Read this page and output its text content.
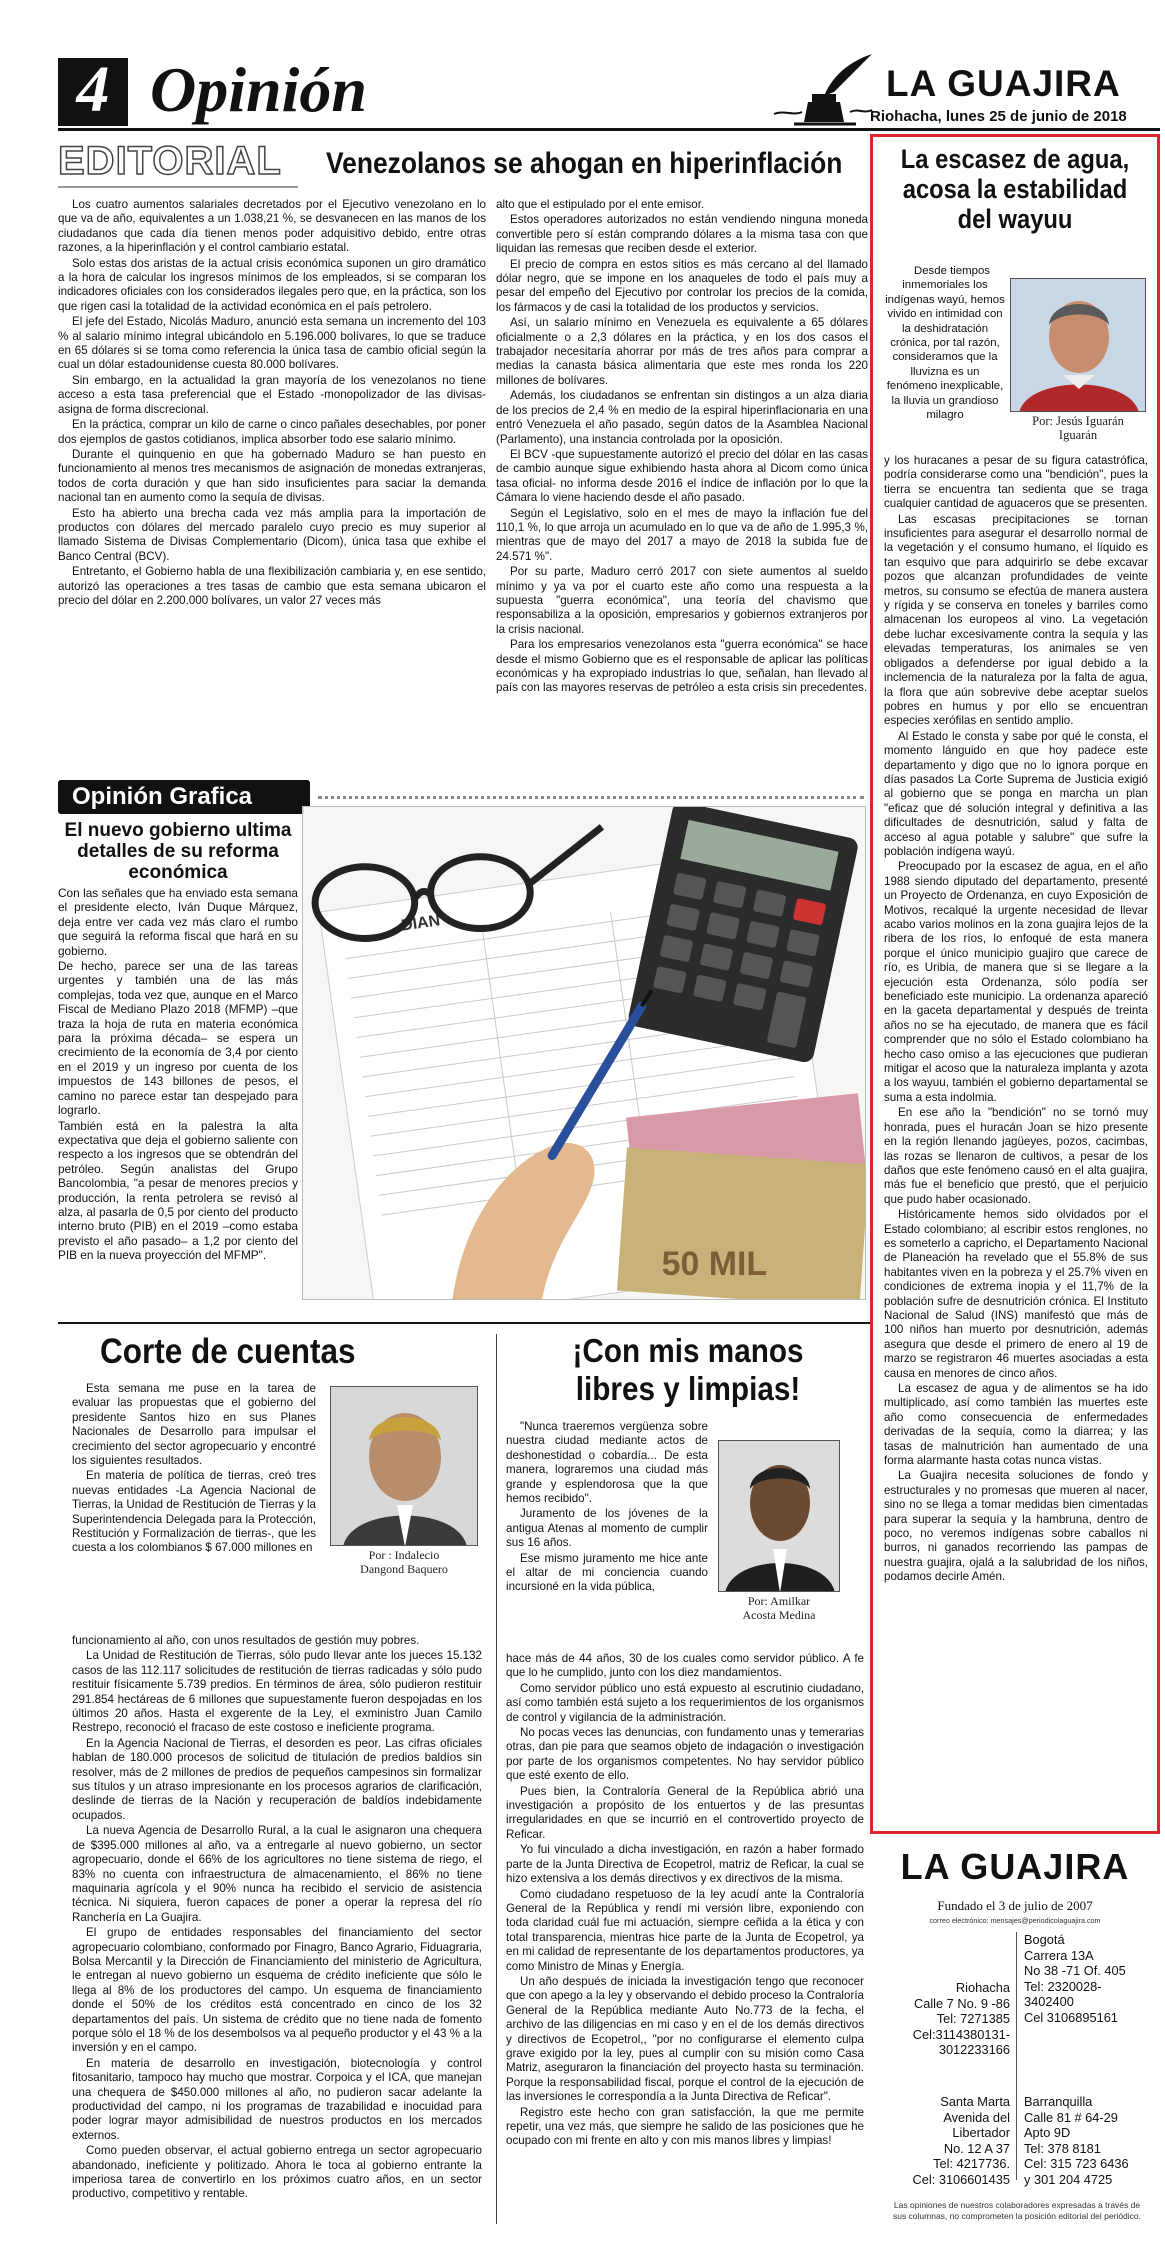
4 Opinión	LA GUAJIRA
Riohacha, lunes 25 de junio de 2018
EDITORIAL Venezolanos se ahogan en hiperinflación

Los cuatro aumentos salariales decretados por el Ejecutivo venezolano en lo que va de año, equivalentes a un 1.038,21 %, se desvanecen en las manos de los ciudadanos que cada día tienen menos poder adquisitivo debido, entre otras razones, a la hiperinflación y el control cambiario estatal.

Solo estas dos aristas de la actual crisis económica suponen un giro dramático a la hora de calcular los ingresos mínimos de los empleados, si se comparan los indicadores oficiales con los considerados ilegales pero que, en la práctica, son los que rigen casi la totalidad de la actividad económica en el país petrolero.

El jefe del Estado, Nicolás Maduro, anunció esta semana un incremento del 103 % al salario mínimo integral ubicándolo en 5.196.000 bolívares, lo que se traduce en 65 dólares si se toma como referencia la única tasa de cambio oficial según la cual un dólar estadounidense cuesta 80.000 bolívares.

Sin embargo, en la actualidad la gran mayoría de los venezolanos no tiene acceso a esta tasa preferencial que el Estado -monopolizador de las divisas- asigna de forma discrecional.

En la práctica, comprar un kilo de carne o cinco pañales desechables, por poner dos ejemplos de gastos cotidianos, implica absorber todo ese salario mínimo.

Durante el quinquenio en que ha gobernado Maduro se han puesto en funcionamiento al menos tres mecanismos de asignación de monedas extranjeras, todos de corta duración y que han sido insuficientes para saciar la demanda nacional tan en aumento como la sequía de divisas.

Esto ha abierto una brecha cada vez más amplia para la importación de productos con dólares del mercado paralelo cuyo precio es muy superior al llamado Sistema de Divisas Complementario (Dicom), única tasa que exhibe el Banco Central (BCV).

Entretanto, el Gobierno habla de una flexibilización cambiaria y, en ese sentido, autorizó las operaciones a tres tasas de cambio que esta semana ubicaron el precio del dólar en 2.200.000 bolívares, un valor 27 veces más

alto que el estipulado por el ente emisor.

Estos operadores autorizados no están vendiendo ninguna moneda convertible pero sí están comprando dólares a la misma tasa con que liquidan las remesas que reciben desde el exterior.

El precio de compra en estos sitios es más cercano al del llamado dólar negro, que se impone en los anaqueles de todo el país muy a pesar del empeño del Ejecutivo por controlar los precios de la comida, los fármacos y de casi la totalidad de los productos y servicios.

Así, un salario mínimo en Venezuela es equivalente a 65 dólares oficialmente o a 2,3 dólares en la práctica, y en los dos casos el trabajador necesitaría ahorrar por más de tres años para comprar a medias la canasta básica alimentaria que este mes ronda los 220 millones de bolívares.

Además, los ciudadanos se enfrentan sin distingos a un alza diaria de los precios de 2,4 % en medio de la espiral hiperinflacionaria en una entró Venezuela el año pasado, según datos de la Asamblea Nacional (Parlamento), una instancia controlada por la oposición.

El BCV -que supuestamente autorizó el precio del dólar en las casas de cambio aunque sigue exhibiendo hasta ahora al Dicom como única tasa oficial- no informa desde 2016 el índice de inflación por lo que la Cámara lo viene haciendo desde el año pasado.

Según el Legislativo, solo en el mes de mayo la inflación fue del 110,1 %, lo que arroja un acumulado en lo que va de año de 1.995,3 %, mientras que de mayo del 2017 a mayo de 2018 la subida fue de 24.571 %".

Por su parte, Maduro cerró 2017 con siete aumentos al sueldo mínimo y ya va por el cuarto este año como una respuesta a la supuesta "guerra económica", una teoría del chavismo que responsabiliza a la oposición, empresarios y gobiernos extranjeros por la crisis nacional.

Para los empresarios venezolanos esta "guerra económica" se hace desde el mismo Gobierno que es el responsable de aplicar las políticas económicas y ha expropiado industrias lo que, señalan, han llevado al país con las mayores reservas de petróleo a esta crisis sin precedentes.

Opinión Grafica
El nuevo gobierno ultima detalles de su reforma económica

Con las señales que ha enviado esta semana el presidente electo, Iván Duque Márquez, deja entre ver cada vez más claro el rumbo que seguirá la reforma fiscal que hará en su gobierno.

De hecho, parece ser una de las tareas urgentes y también una de las más complejas, toda vez que, aunque en el Marco Fiscal de Mediano Plazo 2018 (MFMP) –que traza la hoja de ruta en materia económica para la próxima década– se espera un crecimiento de la economía de 3,4 por ciento en el 2019 y un ingreso por cuenta de los impuestos de 143 billones de pesos, el camino no parece estar tan despejado para lograrlo.

También está en la palestra la alta expectativa que deja el gobierno saliente con respecto a los ingresos que se obtendrán del petróleo. Según analistas del Grupo Bancolombia, "a pesar de menores precios y producción, la renta petrolera se revisó al alza, al pasarla de 0,5 por ciento del producto interno bruto (PIB) en el 2019 –como estaba previsto el año pasado– a 1,2 por ciento del PIB en la nueva proyección del MFMP".

DIAN
50 MIL
Corte de cuentas

Esta semana me puse en la tarea de evaluar las propuestas que el gobierno del presidente Santos hizo en sus Planes Nacionales de Desarrollo para impulsar el crecimiento del sector agropecuario y encontré los siguientes resultados.

En materia de política de tierras, creó tres nuevas entidades -La Agencia Nacional de Tierras, la Unidad de Restitución de Tierras y la Superintendencia Delegada para la Protección, Restitución y Formalización de tierras-, que les cuesta a los colombianos $ 67.000 millones en

Por : Indalecio
Dangond Baquero

funcionamiento al año, con unos resultados de gestión muy pobres.

La Unidad de Restitución de Tierras, sólo pudo llevar ante los jueces 15.132 casos de las 112.117 solicitudes de restitución de tierras radicadas y sólo pudo restituir físicamente 5.739 predios. En términos de área, sólo pudieron restituir 291.854 hectáreas de 6 millones que supuestamente fueron despojadas en los últimos 20 años. Hasta el exgerente de la Ley, el exministro Juan Camilo Restrepo, reconoció el fracaso de este costoso e ineficiente programa.

En la Agencia Nacional de Tierras, el desorden es peor. Las cifras oficiales hablan de 180.000 procesos de solicitud de titulación de predios baldíos sin resolver, más de 2 millones de predios de pequeños campesinos sin formalizar sus títulos y un atraso impresionante en los procesos agrarios de clarificación, deslinde de tierras de la Nación y recuperación de baldíos indebidamente ocupados.

La nueva Agencia de Desarrollo Rural, a la cual le asignaron una chequera de $395.000 millones al año, va a entregarle al nuevo gobierno, un sector agropecuario, donde el 66% de los agricultores no tiene sistema de riego, el 83% no cuenta con infraestructura de almacenamiento, el 86% no tiene maquinaria agrícola y el 90% nunca ha recibido el servicio de asistencia técnica. Ni siquiera, fueron capaces de poner a operar la represa del río Ranchería en La Guajira.

El grupo de entidades responsables del financiamiento del sector agropecuario colombiano, conformado por Finagro, Banco Agrario, Fiduagraria, Bolsa Mercantil y la Dirección de Financiamiento del ministerio de Agricultura, le entregan al nuevo gobierno un esquema de crédito ineficiente que sólo le llega al 8% de los productores del campo. Un esquema de financiamiento donde el 50% de los créditos está concentrado en cinco de los 32 departamentos del país. Un sistema de crédito que no tiene nada de fomento porque sólo el 18 % de los desembolsos va al pequeño productor y el 43 % a la inversión y en el campo.

En materia de desarrollo en investigación, biotecnología y control fitosanitario, tampoco hay mucho que mostrar. Corpoica y el ICA, que manejan una chequera de $450.000 millones al año, no pudieron sacar adelante la productividad del campo, ni los programas de trazabilidad e inocuidad para poder lograr mayor admisibilidad de nuestros productos en los mercados externos.

Como pueden observar, el actual gobierno entrega un sector agropecuario abandonado, ineficiente y politizado. Ahora le toca al gobierno entrante la imperiosa tarea de convertirlo en los próximos cuatro años, en un sector productivo, competitivo y rentable.

¡Con mis manos
libres y limpias!

"Nunca traeremos vergüenza sobre nuestra ciudad mediante actos de deshonestidad o cobardía... De esta manera, lograremos una ciudad más grande y esplendorosa que la que hemos recibido".

Juramento de los jóvenes de la antigua Atenas al momento de cumplir sus 16 años.

Ese mismo juramento me hice ante el altar de mi conciencia cuando incursioné en la vida pública,

Por: Amilkar
Acosta Medina

hace más de 44 años, 30 de los cuales como servidor público. A fe que lo he cumplido, junto con los diez mandamientos.

Como servidor público uno está expuesto al escrutinio ciudadano, así como también está sujeto a los requerimientos de los organismos de control y vigilancia de la administración.

No pocas veces las denuncias, con fundamento unas y temerarias otras, dan pie para que seamos objeto de indagación o investigación por parte de los organismos competentes. No hay servidor público que esté exento de ello.

Pues bien, la Contraloría General de la República abrió una investigación a propósito de los entuertos y de las presuntas irregularidades en que se incurrió en el controvertido proyecto de Reficar.

Yo fui vinculado a dicha investigación, en razón a haber formado parte de la Junta Directiva de Ecopetrol, matriz de Reficar, la cual se hizo extensiva a los demás directivos y ex directivos de la misma.

Como ciudadano respetuoso de la ley acudí ante la Contraloría General de la República y rendí mi versión libre, exponiendo con toda claridad cuál fue mi actuación, siempre ceñida a la ética y con total transparencia, mientras hice parte de la Junta de Ecopetrol, ya en mi calidad de representante de los departamentos productores, ya como Ministro de Minas y Energía.

Un año después de iniciada la investigación tengo que reconocer que con apego a la ley y observando el debido proceso la Contraloría General de la República mediante Auto No.773 de la fecha, el archivo de las diligencias en mi caso y en el de los demás directivos y directivos de Ecopetrol,, "por no configurarse el elemento culpa grave exigido por la ley, pues al cumplir con su misión como Casa Matriz, aseguraron la financiación del proyecto hasta su terminación. Porque la responsabilidad fiscal, porque el control de la ejecución de las inversiones le correspondía a la Junta Directiva de Reficar".

Registro este hecho con gran satisfacción, la que me permite repetir, una vez más, que siempre he salido de las posiciones que he ocupado con mi frente en alto y con mis manos libres y limpias!

La escasez de agua,
acosa la estabilidad
del wayuu

Desde tiempos inmemoriales los indígenas wayú, hemos vivido en intimidad con la deshidratación crónica, por tal razón, consideramos que la lluvizna es un fenómeno inexplicable, la lluvia un grandioso milagro	Por: Jesús Iguarán
Iguarán

y los huracanes a pesar de su figura catastrófica, podría considerarse como una "bendición", pues la tierra se encuentra tan sedienta que se traga cualquier cantidad de aguaceros que se presenten.

Las escasas precipitaciones se tornan insuficientes para asegurar el desarrollo normal de la vegetación y el consumo humano, el líquido es tan esquivo que para adquirirlo se debe excavar pozos que alcanzan profundidades de veinte metros, su consumo se efectúa de manera austera y rígida y se conserva en toneles y barriles como almacenan los europeos al vino. La vegetación debe luchar excesivamente contra la sequía y las elevadas temperaturas, los animales se ven obligados a defenderse por igual debido a la inclemencia de la naturaleza por la falta de agua, la flora que aún sobrevive debe aceptar suelos pobres en humus y por ello se encuentran especies xerófilas en sentido amplio.

Al Estado le consta y sabe por qué le consta, el momento lánguido en que hoy padece este departamento y digo que no lo ignora porque en días pasados La Corte Suprema de Justicia exigió al gobierno que se ponga en marcha un plan "eficaz que dé solución integral y definitiva a las dificultades de desnutrición, salud y falta de acceso al agua potable y salubre" que sufre la población indígena wayú.

Preocupado por la escasez de agua, en el año 1988 siendo diputado del departamento, presenté un Proyecto de Ordenanza, en cuyo Exposición de Motivos, recalqué la urgente necesidad de llevar acabo varios molinos en la zona guajira lejos de la ribera de los ríos, lo enfoqué de esta manera porque el único municipio guajiro que carece de río, es Uribia, de manera que si se llegare a la ejecución esta Ordenanza, sólo podía ser beneficiado este municipio. La ordenanza apareció en la gaceta departamental y después de treinta años no se ha ejecutado, de manera que es fácil comprender que no sólo el Estado colombiano ha hecho caso omiso a las ejecuciones que pudieran mitigar el acoso que la naturaleza implanta y azota a los wayuu, también el gobierno departamental se suma a esta indolmia.

En ese año la "bendición" no se tornó muy honrada, pues el huracán Joan se hizo presente en la región llenando jagüeyes, pozos, cacimbas, las rozas se llenaron de cultivos, a pesar de los daños que este fenómeno causó en el alta guajira, más fue el beneficio que prestó, que el perjuicio que pudo haber ocasionado.

Históricamente hemos sido olvidados por el Estado colombiano; al escribir estos renglones, no es someterlo a capricho, el Departamento Nacional de Planeación ha revelado que el 55.8% de sus habitantes viven en la pobreza y el 25.7% viven en condiciones de extrema inopia y el 11,7% de la población sufre de desnutrición crónica. El Instituto Nacional de Salud (INS) manifestó que más de 100 niños han muerto por desnutrición, además asegura que desde el primero de enero al 19 de marzo se registraron 46 muertes asociadas a esta causa en menores de cinco años.

La escasez de agua y de alimentos se ha ido multiplicado, así como también las muertes este año como consecuencia de enfermedades derivadas de la sequía, como la diarrea; y las tasas de malnutrición han aumentado de una forma alarmante hasta cotas nunca vistas.

La Guajira necesita soluciones de fondo y estructurales y no promesas que mueren al nacer, sino no se llega a tomar medidas bien cimentadas para superar la sequía y la hambruna, dentro de poco, no veremos indígenas sobre caballos ni burros, ni ganados recorriendo las pampas de nuestra guajira, ojalá a la salubridad de los niños, podamos decirle Amén.

LA GUAJIRA
Fundado el 3 de julio de 2007
correo electrónico: mensajes@periodicolaguajira.com
Riohacha
Calle 7 No. 9 -86
Tel: 7271385
Cel:3114380131-
3012233166
Bogotá
Carrera 13A
No 38 -71 Of. 405
Tel: 2320028-
3402400
Cel 3106895161
Santa Marta
Avenida del
Libertador
No. 12 A 37
Tel: 4217736.
Cel: 3106601435
Barranquilla
Calle 81 # 64-29
Apto 9D
Tel: 378 8181
Cel: 315 723 6436
y 301 204 4725
Las opiniones de nuestros colaboradores expresadas a través de sus columnas, no comprometen la posición editorial del periódico.
